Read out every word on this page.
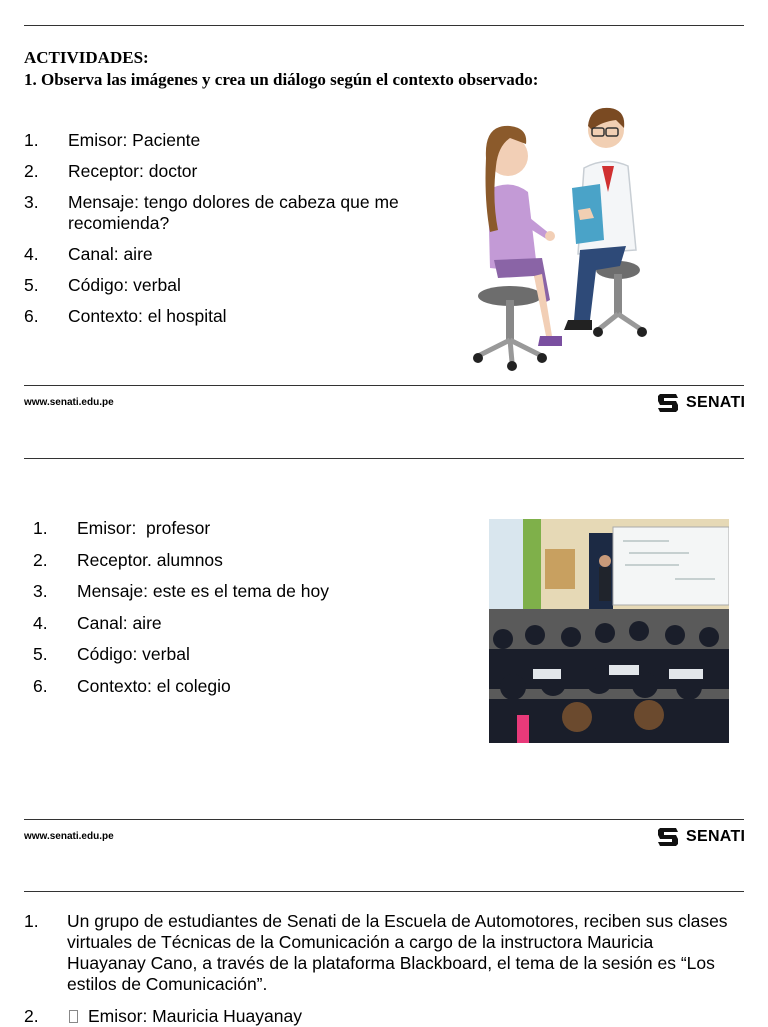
ACTIVIDADES:
1. Observa las imágenes y crea un diálogo según el contexto observado:
1. Emisor: Paciente
2. Receptor: doctor
3. Mensaje: tengo dolores de cabeza que me recomienda?
4. Canal: aire
5. Código: verbal
6. Contexto: el hospital
www.senati.edu.pe	SENATI
1. Emisor:  profesor
2. Receptor. alumnos
3. Mensaje: este es el tema de hoy
4. Canal: aire
5. Código: verbal
6. Contexto: el colegio
www.senati.edu.pe	SENATI
1. Un grupo de estudiantes de Senati de la Escuela de Automotores, reciben sus clases virtuales de Técnicas de la Comunicación a cargo de la instructora Mauricia Huayanay Cano, a través de la plataforma Blackboard, el tema de la sesión es “Los estilos de Comunicación”.
2.	Emisor: Mauricia Huayanay
